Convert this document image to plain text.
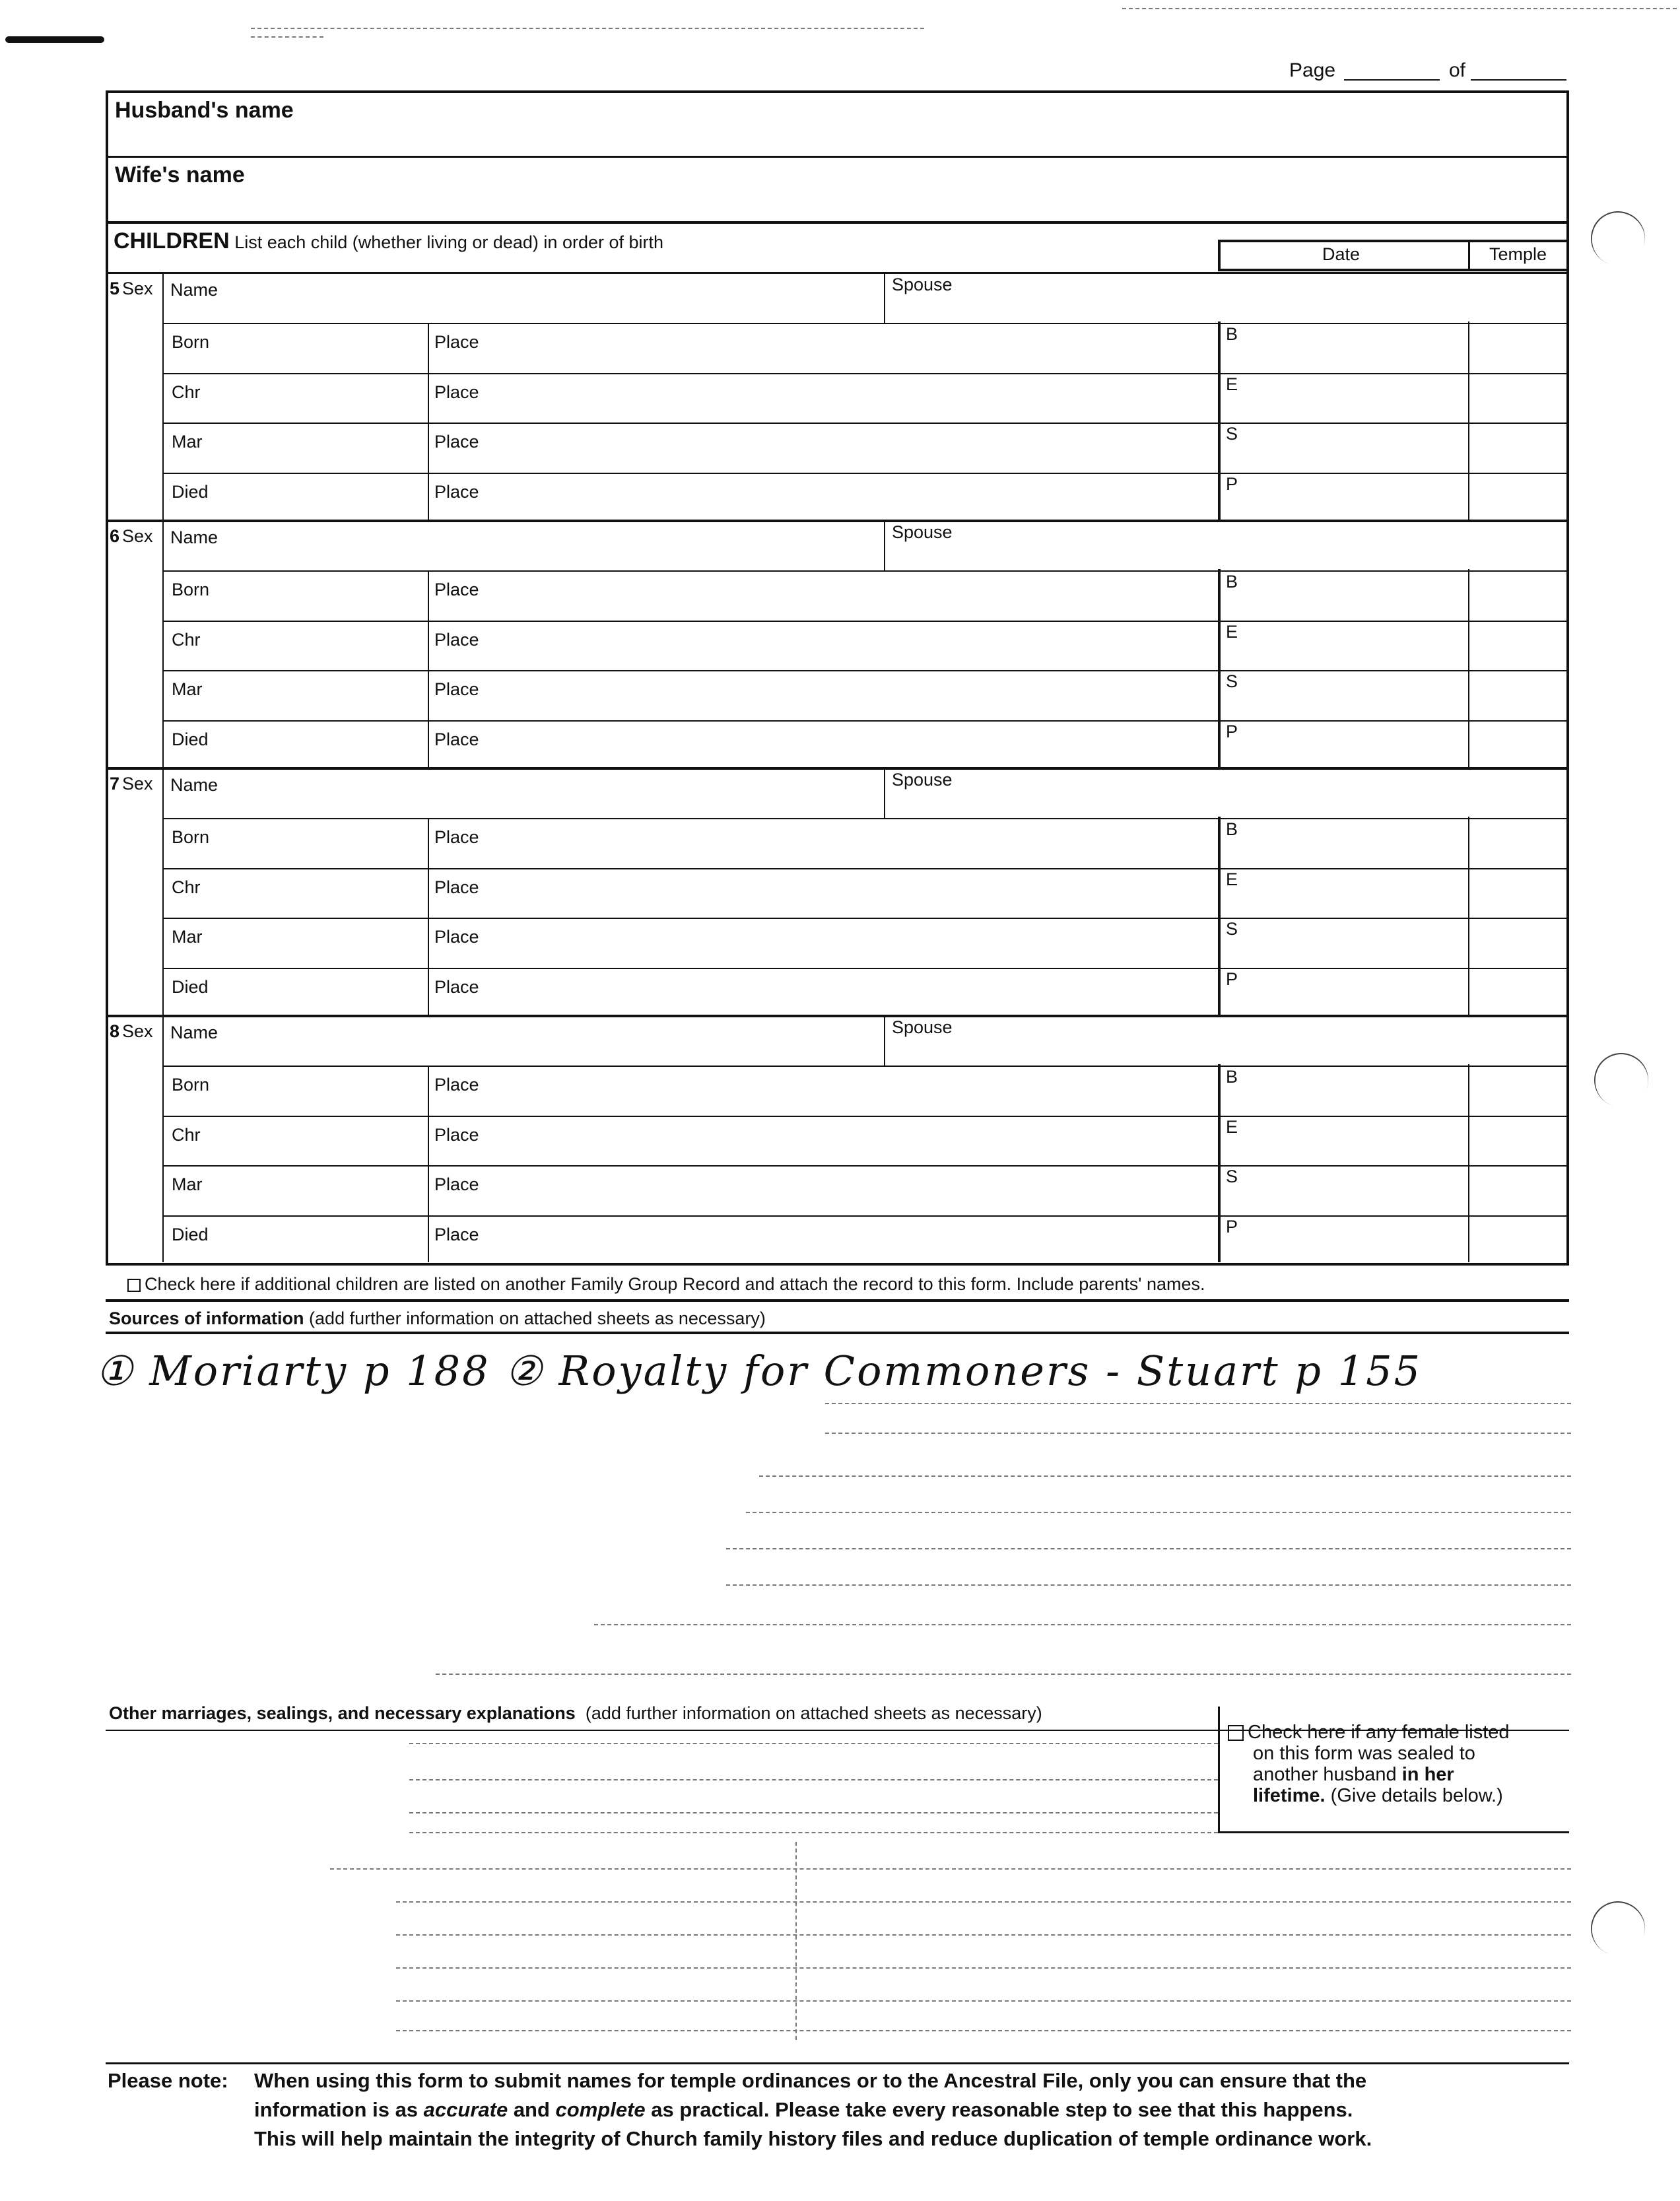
Page	of
Husband's name
Wife's name
CHILDREN List each child (whether living or dead) in order of birth
Date	Temple
5 Sex Name	Spouse
Born	Place	B
Chr	Place	E
Mar	Place	S
Died	Place	P
6 Sex Name	Spouse
Born	Place	B
Chr	Place	E
Mar	Place	S
Died	Place	P
7 Sex Name	Spouse
Born	Place	B
Chr	Place	E
Mar	Place	S
Died	Place	P
8 Sex Name	Spouse
Born	Place	B
Chr	Place	E
Mar	Place	S
Died	Place	P
Check here if additional children are listed on another Family Group Record and attach the record to this form. Include parents' names.
Sources of information (add further information on attached sheets as necessary)
① Moriarty p 188 ② Royalty for Commoners - Stuart p 155
Other marriages, sealings, and necessary explanations (add further information on attached sheets as necessary)
Check here if any female listed
on this form was sealed to
another husband in her
lifetime. (Give details below.)
Please note: When using this form to submit names for temple ordinances or to the Ancestral File, only you can ensure that the
information is as accurate and complete as practical. Please take every reasonable step to see that this happens.
This will help maintain the integrity of Church family history files and reduce duplication of temple ordinance work.
